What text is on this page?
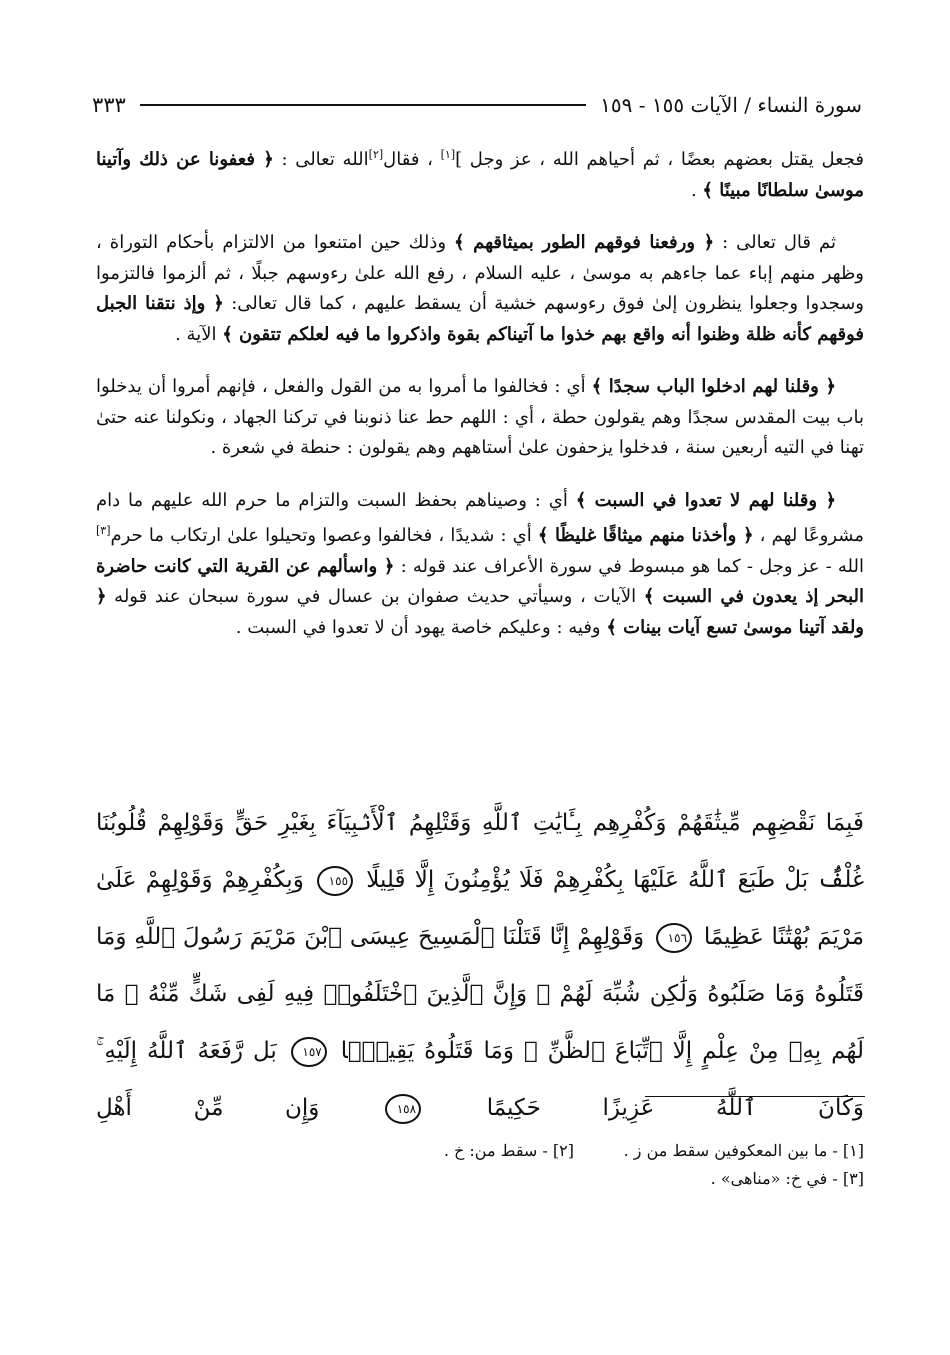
سورة النساء / الآيات ١٥٥ - ١٥٩
٣٣٣

فجعل يقتل بعضهم بعضًا ، ثم أحياهم الله ، عز وجل ][١] ، فقال[٢]الله تعالى : ﴿ فعفونا عن ذلك وآتينا موسىٰ سلطانًا مبينًا ﴾ .

ثم قال تعالى : ﴿ ورفعنا فوقهم الطور بميثاقهم ﴾ وذلك حين امتنعوا من الالتزام بأحكام التوراة ، وظهر منهم إباء عما جاءهم به موسىٰ ، عليه السلام ، رفع الله علىٰ رءوسهم جبلًا ، ثم ألزموا فالتزموا وسجدوا وجعلوا ينظرون إلىٰ فوق رءوسهم خشية أن يسقط عليهم ، كما قال تعالى: ﴿ وإذ نتقنا الجبل فوقهم كأنه ظلة وظنوا أنه واقع بهم خذوا ما آتيناكم بقوة واذكروا ما فيه لعلكم تتقون ﴾ الآية .

﴿ وقلنا لهم ادخلوا الباب سجدًا ﴾ أي : فخالفوا ما أمروا به من القول والفعل ، فإنهم أمروا أن يدخلوا باب بيت المقدس سجدًا وهم يقولون حطة ، أي : اللهم حط عنا ذنوبنا في تركنا الجهاد ، ونكولنا عنه حتىٰ تهنا في التيه أربعين سنة ، فدخلوا يزحفون علىٰ أستاههم وهم يقولون : حنطة في شعرة .

﴿ وقلنا لهم لا تعدوا في السبت ﴾ أي : وصيناهم بحفظ السبت والتزام ما حرم الله عليهم ما دام مشروعًا لهم ، ﴿ وأخذنا منهم ميثاقًا غليظًا ﴾ أي : شديدًا ، فخالفوا وعصوا وتحيلوا علىٰ ارتكاب ما حرم[٣] الله - عز وجل - كما هو مبسوط في سورة الأعراف عند قوله : ﴿ واسألهم عن القرية التي كانت حاضرة البحر إذ يعدون في السبت ﴾ الآيات ، وسيأتي حديث صفوان بن عسال في سورة سبحان عند قوله ﴿ ولقد آتينا موسىٰ تسع آيات بينات ﴾ وفيه : وعليكم خاصة يهود أن لا تعدوا في السبت .

فَبِمَا نَقْضِهِم مِّيثَٰقَهُمْ وَكُفْرِهِم بِـَٔايَٰتِ ٱللَّهِ وَقَتْلِهِمُ ٱلْأَنۢبِيَآءَ بِغَيْرِ حَقٍّ وَقَوْلِهِمْ قُلُوبُنَا غُلْفٌۢ بَلْ طَبَعَ ٱللَّهُ عَلَيْهَا بِكُفْرِهِمْ فَلَا يُؤْمِنُونَ إِلَّا قَلِيلًا ١٥٥ وَبِكُفْرِهِمْ وَقَوْلِهِمْ عَلَىٰ مَرْيَمَ بُهْتَٰنًا عَظِيمًا ١٥٦ وَقَوْلِهِمْ إِنَّا قَتَلْنَا ٱلْمَسِيحَ عِيسَى ٱبْنَ مَرْيَمَ رَسُولَ ٱللَّهِ وَمَا قَتَلُوهُ وَمَا صَلَبُوهُ وَلَٰكِن شُبِّهَ لَهُمْ ۚ وَإِنَّ ٱلَّذِينَ ٱخْتَلَفُوا۟ فِيهِ لَفِى شَكٍّ مِّنْهُ ۚ مَا لَهُم بِهِۦ مِنْ عِلْمٍ إِلَّا ٱتِّبَاعَ ٱلظَّنِّ ۚ وَمَا قَتَلُوهُ يَقِينًۢا ١٥٧ بَل رَّفَعَهُ ٱللَّهُ إِلَيْهِ ۚ وَكَانَ ٱللَّهُ عَزِيزًا حَكِيمًا ١٥٨ وَإِن مِّنْ أَهْلِ
[١] - ما بين المعكوفين سقط من ز .
[٢] - سقط من: خ .
[٣] - في خ: «مناهى» .
